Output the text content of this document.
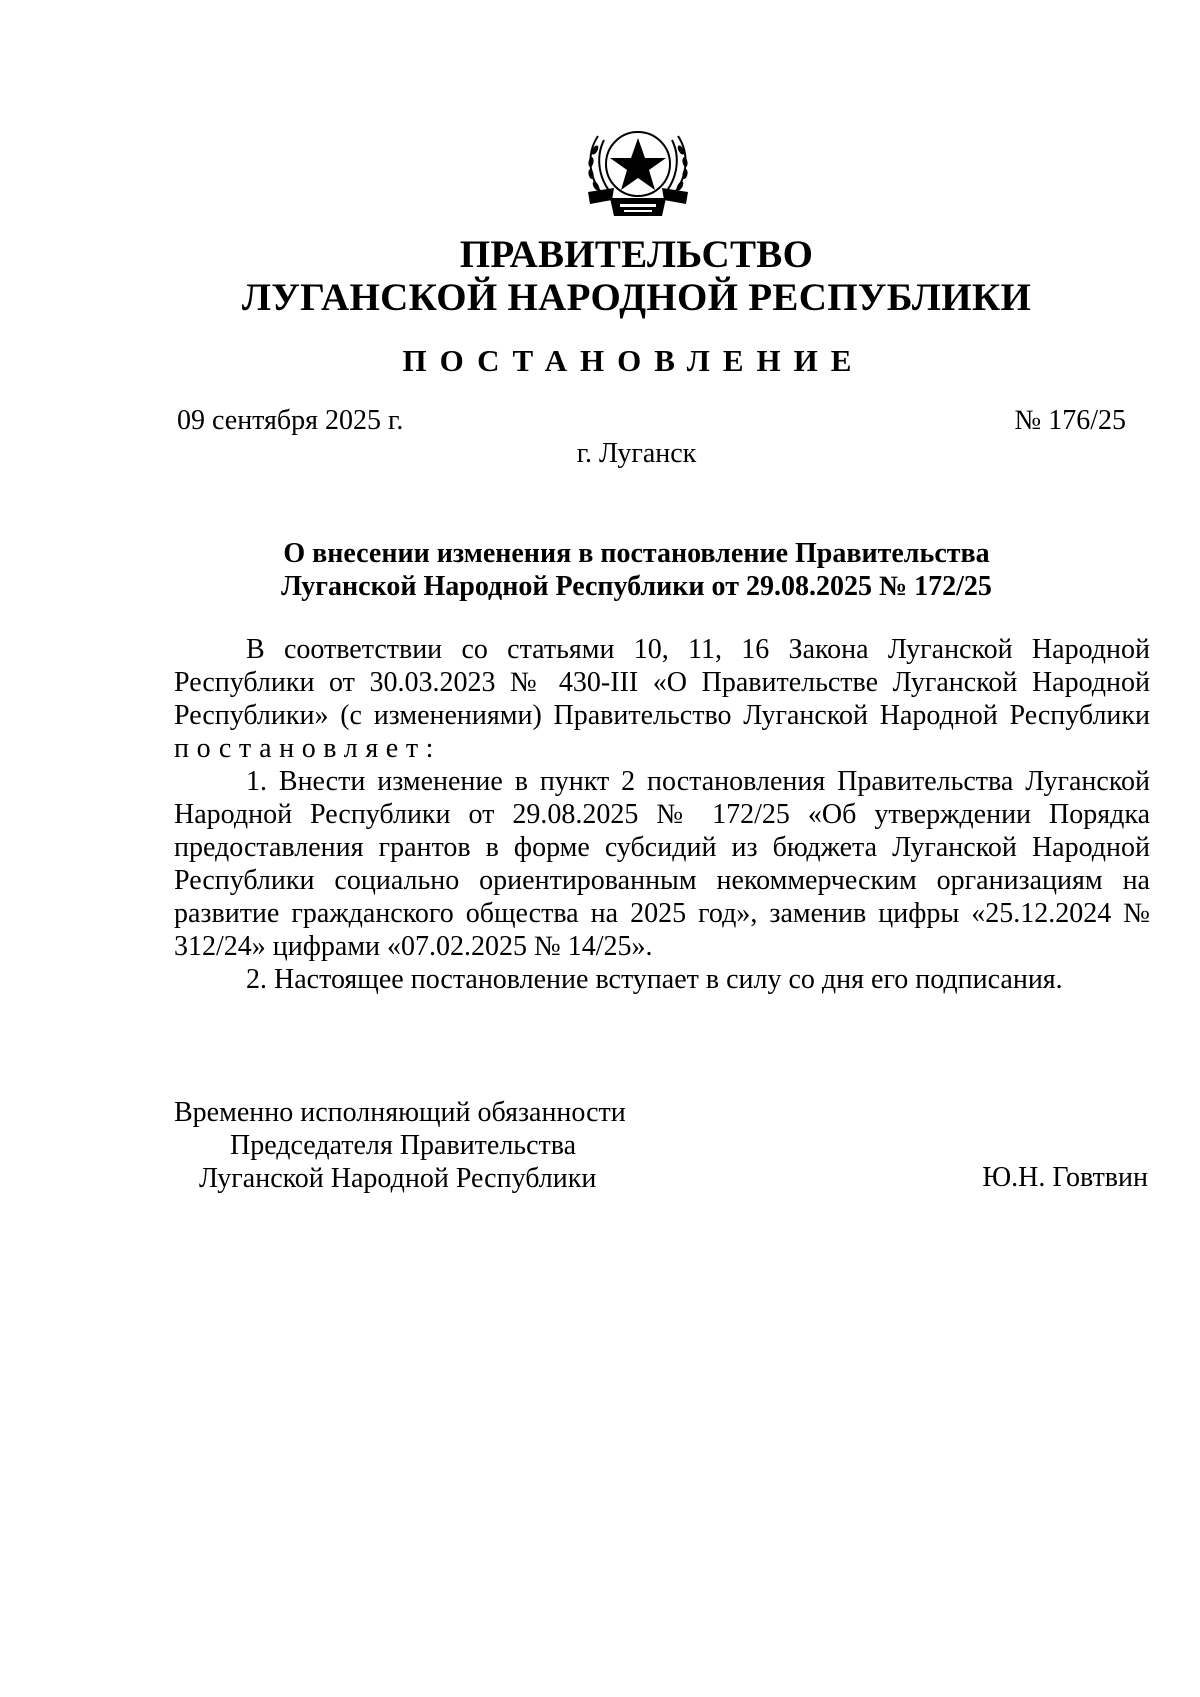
ПРАВИТЕЛЬСТВО
ЛУГАНСКОЙ НАРОДНОЙ РЕСПУБЛИКИ
ПОСТАНОВЛЕНИЕ
09 сентября 2025 г.	№ 176/25
г. Луганск
О внесении изменения в постановление Правительства
Луганской Народной Республики от 29.08.2025 № 172/25

В соответствии со статьями 10, 11, 16 Закона Луганской Народной Республики от 30.03.2023 № 430-III «О Правительстве Луганской Народной Республики» (с изменениями) Правительство Луганской Народной Республики

постановляет:

1. Внести изменение в пункт 2 постановления Правительства Луганской Народной Республики от 29.08.2025 № 172/25 «Об утверждении Порядка предоставления грантов в форме субсидий из бюджета Луганской Народной Республики социально ориентированным некоммерческим организациям на развитие гражданского общества на 2025 год», заменив цифры «25.12.2024 № 312/24» цифрами «07.02.2025 № 14/25».

2. Настоящее постановление вступает в силу со дня его подписания.

Временно исполняющий обязанности
Председателя Правительства
Луганской Народной Республики	Ю.Н. Говтвин
